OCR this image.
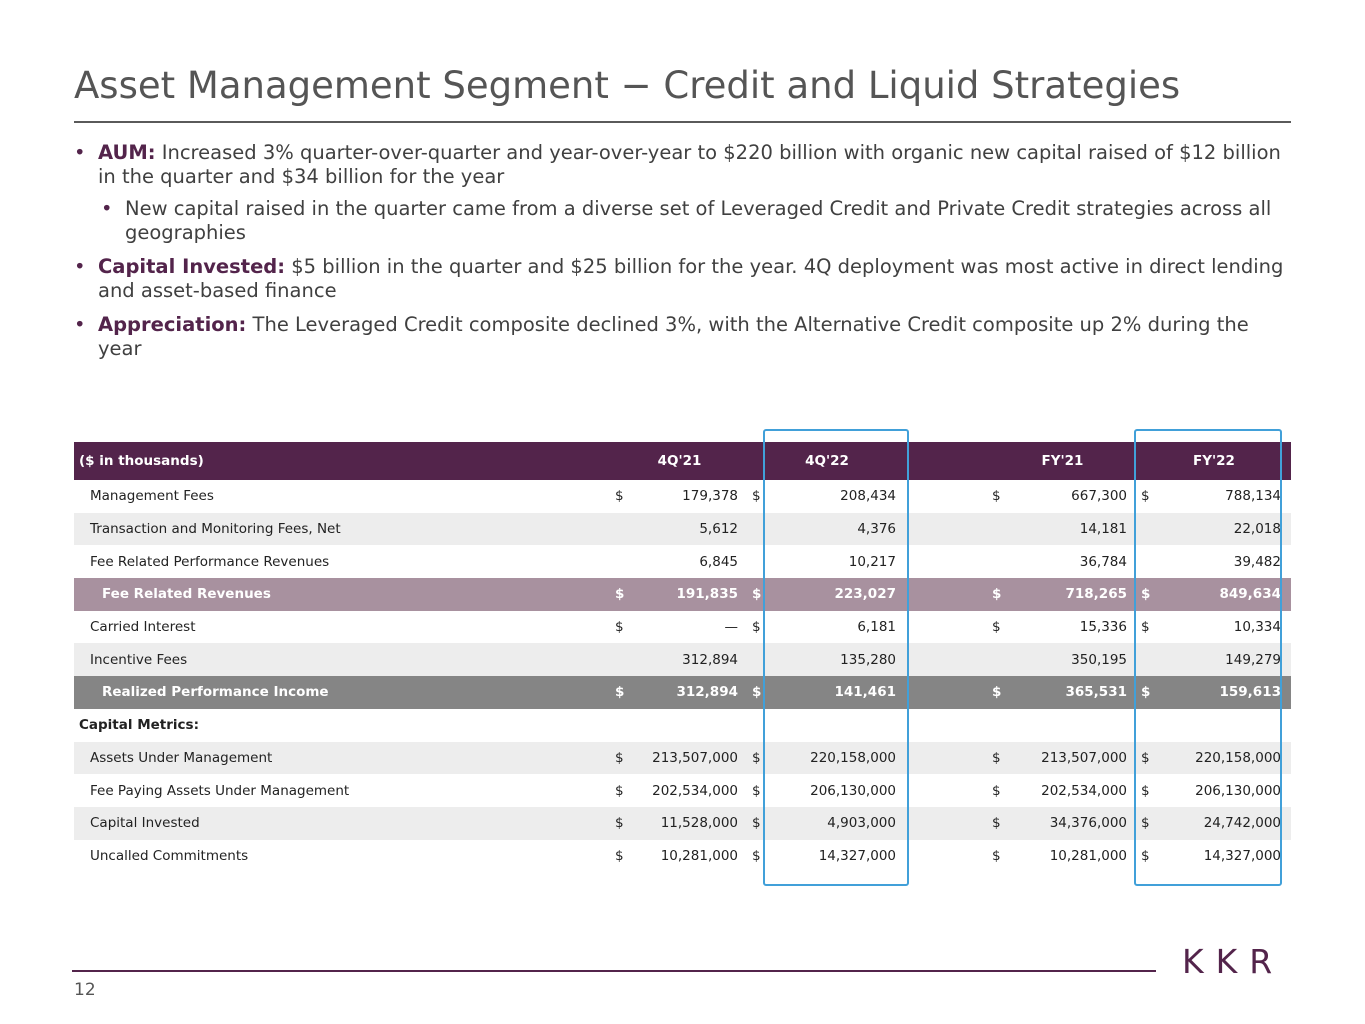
Asset Management Segment − Credit and Liquid Strategies
• AUM: Increased 3% quarter-over-quarter and year-over-year to $220 billion with organic new capital raised of $12 billion in the quarter and $34 billion for the year
• New capital raised in the quarter came from a diverse set of Leveraged Credit and Private Credit strategies across all geographies
• Capital Invested: $5 billion in the quarter and $25 billion for the year. 4Q deployment was most active in direct lending and asset-based finance
• Appreciation: The Leveraged Credit composite declined 3%, with the Alternative Credit composite up 2% during the year
($ in thousands)	4Q'21		4Q'22			FY'21		FY'22	
Management Fees	$	179,378	$	208,434		$	667,300	$	788,134
Transaction and Monitoring Fees, Net		5,612		4,376			14,181		22,018
Fee Related Performance Revenues		6,845		10,217			36,784		39,482
Fee Related Revenues	$	191,835	$	223,027		$	718,265	$	849,634
Carried Interest	$	—	$	6,181		$	15,336	$	10,334
Incentive Fees		312,894		135,280			350,195		149,279
Realized Performance Income	$	312,894	$	141,461		$	365,531	$	159,613
Capital Metrics:									
Assets Under Management	$	213,507,000	$	220,158,000		$	213,507,000	$	220,158,000
Fee Paying Assets Under Management	$	202,534,000	$	206,130,000		$	202,534,000	$	206,130,000
Capital Invested	$	11,528,000	$	4,903,000		$	34,376,000	$	24,742,000
Uncalled Commitments	$	10,281,000	$	14,327,000		$	10,281,000	$	14,327,000
12
KKR
